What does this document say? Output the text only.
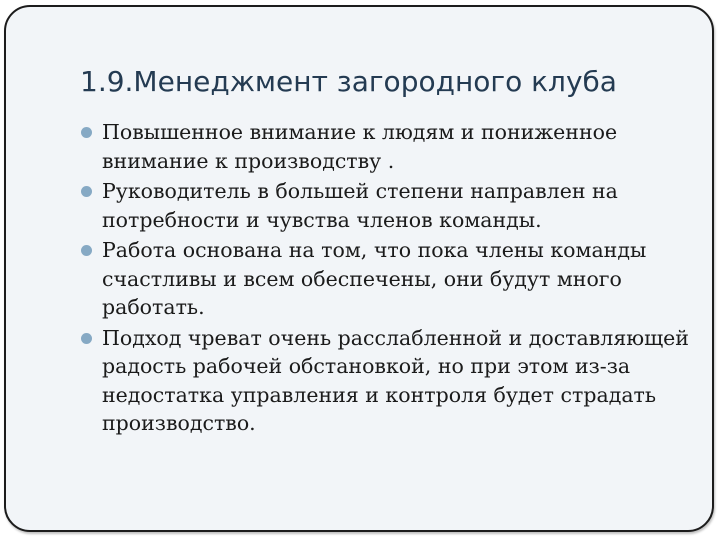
1.9.Менеджмент загородного клуба
Повышенное внимание к людям и пониженное внимание к производству .
Руководитель в большей степени направлен на потребности и чувства членов команды.
Работа основана на том, что пока члены команды счастливы и всем обеспечены, они будут много работать.
Подход чреват очень расслабленной и доставляющей радость рабочей обстановкой, но при этом из-за недостатка управления и контроля будет страдать производство.
